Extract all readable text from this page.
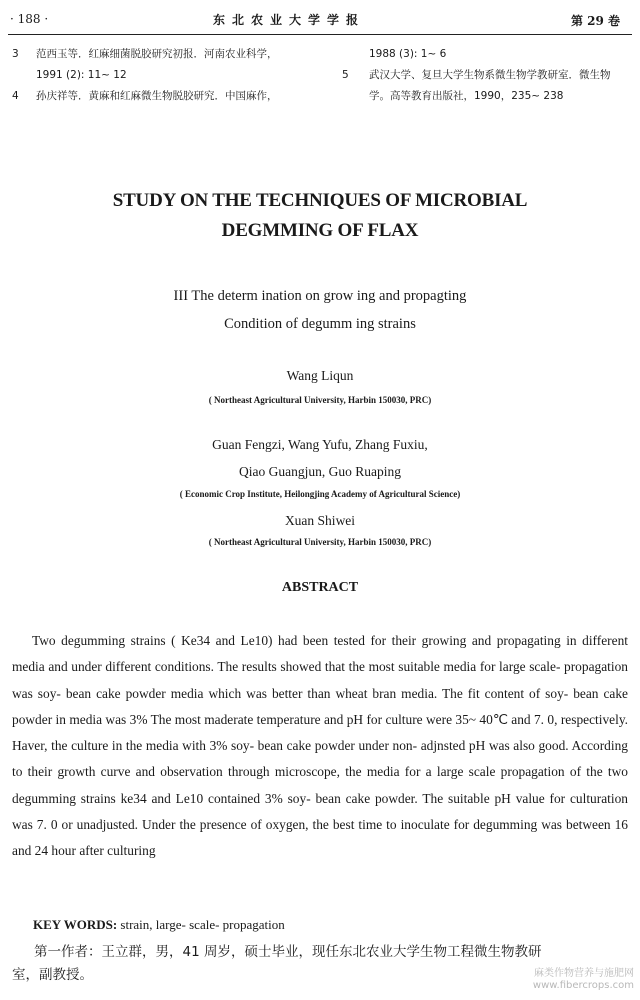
· 188 ·	东北农业大学学报	第 29 卷
3 范西玉等．红麻细菌脱胶研究初报．河南农业科学，
1991 (2): 11~ 12
4 孙庆祥等．黄麻和红麻微生物脱胶研究．中国麻作，
1988 (3): 1~ 6
5 武汉大学、复旦大学生物系微生物学教研室．微生物
学。高等教育出版社，1990，235~ 238
STUDY ON THE TECHNIQUES OF MICROBIAL
DEGMMING OF FLAX
III The determ ination on grow ing and propagting
Condition of degumm ing strains
Wang Liqun
( Northeast Agricultural University, Harbin 150030, PRC)
Guan Fengzi, Wang Yufu, Zhang Fuxiu,
Qiao Guangjun, Guo Ruaping
( Economic Crop Institute, Heilongjing Academy of Agricultural Science)
Xuan Shiwei
( Northeast Agricultural University, Harbin 150030, PRC)
ABSTRACT

Two degumming strains ( Ke34 and Le10) had been tested for their growing and propagating in different media and under different conditions. The results showed that the most suitable media for large scale- propagation was soy- bean cake powder media which was better than wheat bran media. The fit content of soy- bean cake powder in media was 3% The most maderate temperature and pH for culture were 35~ 40℃ and 7. 0, respectively. Haver, the culture in the media with 3% soy- bean cake powder under non- adjnsted pH was also good. According to their growth curve and observation through microscope, the media for a large scale propagation of the two degumming strains ke34 and Le10 contained 3% soy- bean cake powder. The suitable pH value for culturation was 7. 0 or unadjusted. Under the presence of oxygen, the best time to inoculate for degumming was between 16 and 24 hour after culturing

KEY WORDS: strain, large- scale- propagation
第一作者：王立群，男，41 周岁，硕士毕业，现任东北农业大学生物工程微生物教研
室，副教授。	麻类作物营养与施肥网
www.fibercrops.com
